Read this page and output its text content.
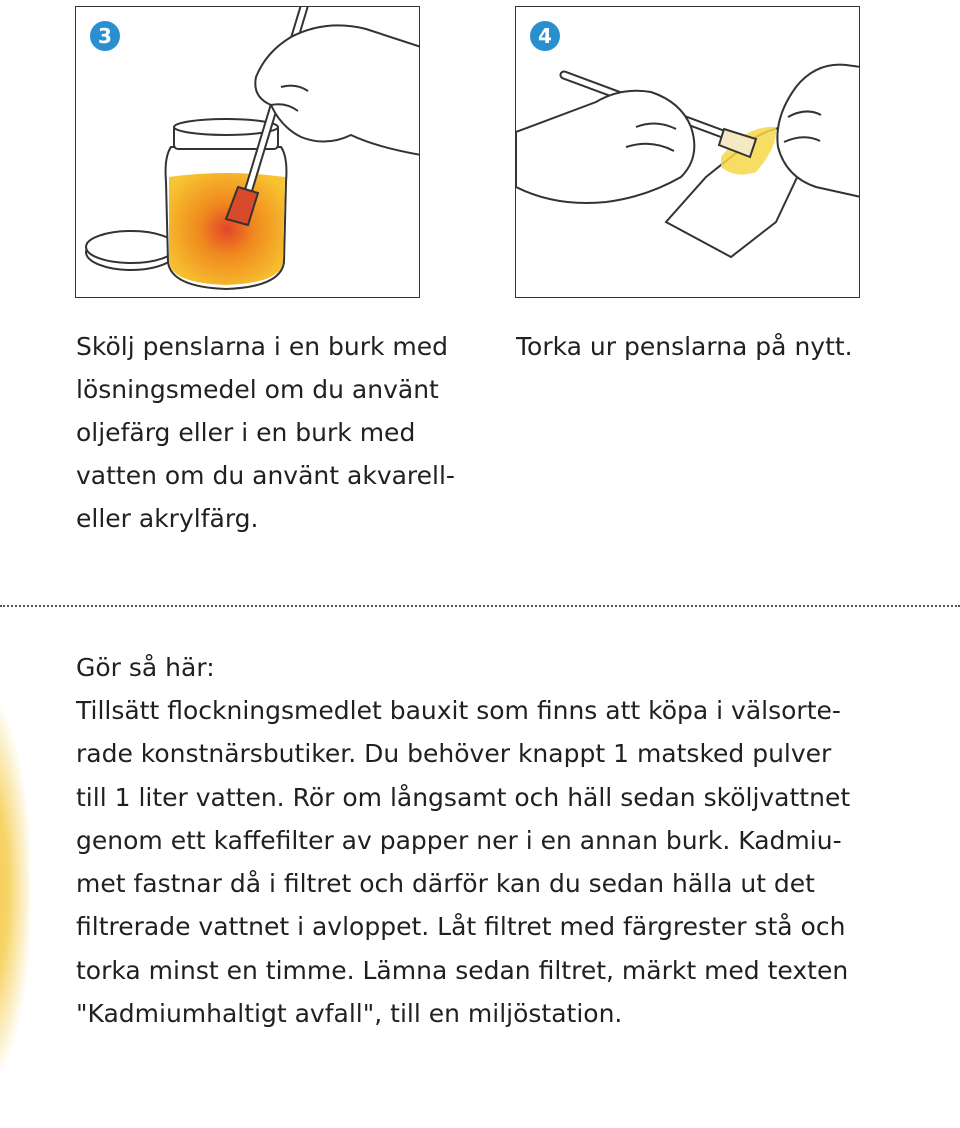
3	4

Skölj penslarna i en burk med lösningsmedel om du använt oljefärg eller i en burk med vatten om du använt akvarell- eller akrylfärg.

Torka ur penslarna på nytt.

Gör så här:

Tillsätt flockningsmedlet bauxit som finns att köpa i välsorte-
rade konstnärsbutiker. Du behöver knappt 1 matsked pulver
till 1 liter vatten. Rör om långsamt och häll sedan sköljvattnet
genom ett kaffefilter av papper ner i en annan burk. Kadmiu-
met fastnar då i filtret och därför kan du sedan hälla ut det
filtrerade vattnet i avloppet. Låt filtret med färgrester stå och
torka minst en timme. Lämna sedan filtret, märkt med texten
"Kadmiumhaltigt avfall", till en miljöstation.
